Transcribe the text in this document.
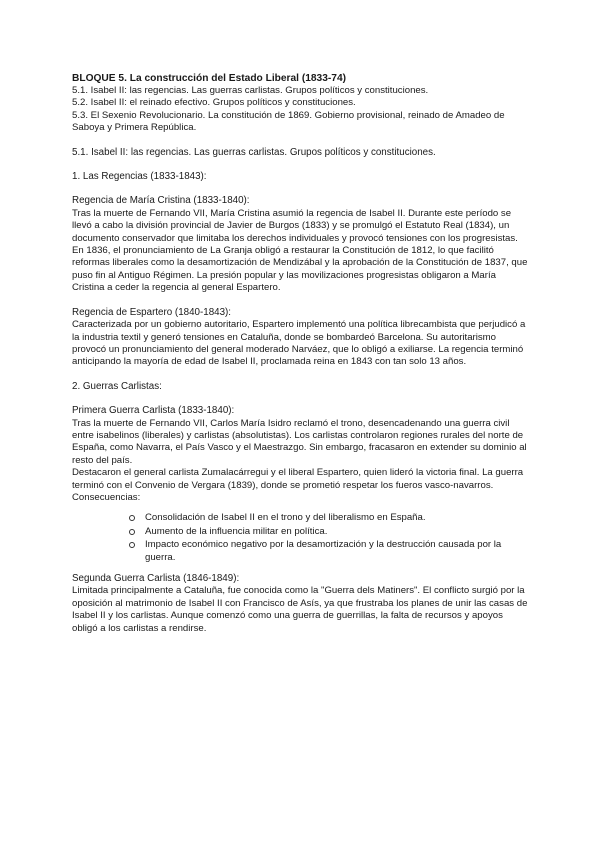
BLOQUE 5. La construcción del Estado Liberal (1833-74)

5.1. Isabel II: las regencias. Las guerras carlistas. Grupos políticos y constituciones.

5.2. Isabel II: el reinado efectivo. Grupos políticos y constituciones.

5.3. El Sexenio Revolucionario. La constitución de 1869. Gobierno provisional, reinado de Amadeo de Saboya y Primera República.

5.1. Isabel II: las regencias. Las guerras carlistas. Grupos políticos y constituciones.

1. Las Regencias (1833-1843):

Regencia de María Cristina (1833-1840):

Tras la muerte de Fernando VII, María Cristina asumió la regencia de Isabel II. Durante este período se llevó a cabo la división provincial de Javier de Burgos (1833) y se promulgó el Estatuto Real (1834), un documento conservador que limitaba los derechos individuales y provocó tensiones con los progresistas.

En 1836, el pronunciamiento de La Granja obligó a restaurar la Constitución de 1812, lo que facilitó reformas liberales como la desamortización de Mendizábal y la aprobación de la Constitución de 1837, que puso fin al Antiguo Régimen. La presión popular y las movilizaciones progresistas obligaron a María Cristina a ceder la regencia al general Espartero.

Regencia de Espartero (1840-1843):

Caracterizada por un gobierno autoritario, Espartero implementó una política librecambista que perjudicó a la industria textil y generó tensiones en Cataluña, donde se bombardeó Barcelona. Su autoritarismo provocó un pronunciamiento del general moderado Narváez, que lo obligó a exiliarse. La regencia terminó anticipando la mayoría de edad de Isabel II, proclamada reina en 1843 con tan solo 13 años.

2. Guerras Carlistas:

Primera Guerra Carlista (1833-1840):

Tras la muerte de Fernando VII, Carlos María Isidro reclamó el trono, desencadenando una guerra civil entre isabelinos (liberales) y carlistas (absolutistas). Los carlistas controlaron regiones rurales del norte de España, como Navarra, el País Vasco y el Maestrazgo. Sin embargo, fracasaron en extender su dominio al resto del país.

Destacaron el general carlista Zumalacárregui y el liberal Espartero, quien lideró la victoria final. La guerra terminó con el Convenio de Vergara (1839), donde se prometió respetar los fueros vasco-navarros.

Consecuencias:

Consolidación de Isabel II en el trono y del liberalismo en España.
Aumento de la influencia militar en política.
Impacto económico negativo por la desamortización y la destrucción causada por la guerra.

Segunda Guerra Carlista (1846-1849):

Limitada principalmente a Cataluña, fue conocida como la "Guerra dels Matiners". El conflicto surgió por la oposición al matrimonio de Isabel II con Francisco de Asís, ya que frustraba los planes de unir las casas de Isabel II y los carlistas. Aunque comenzó como una guerra de guerrillas, la falta de recursos y apoyos obligó a los carlistas a rendirse.
